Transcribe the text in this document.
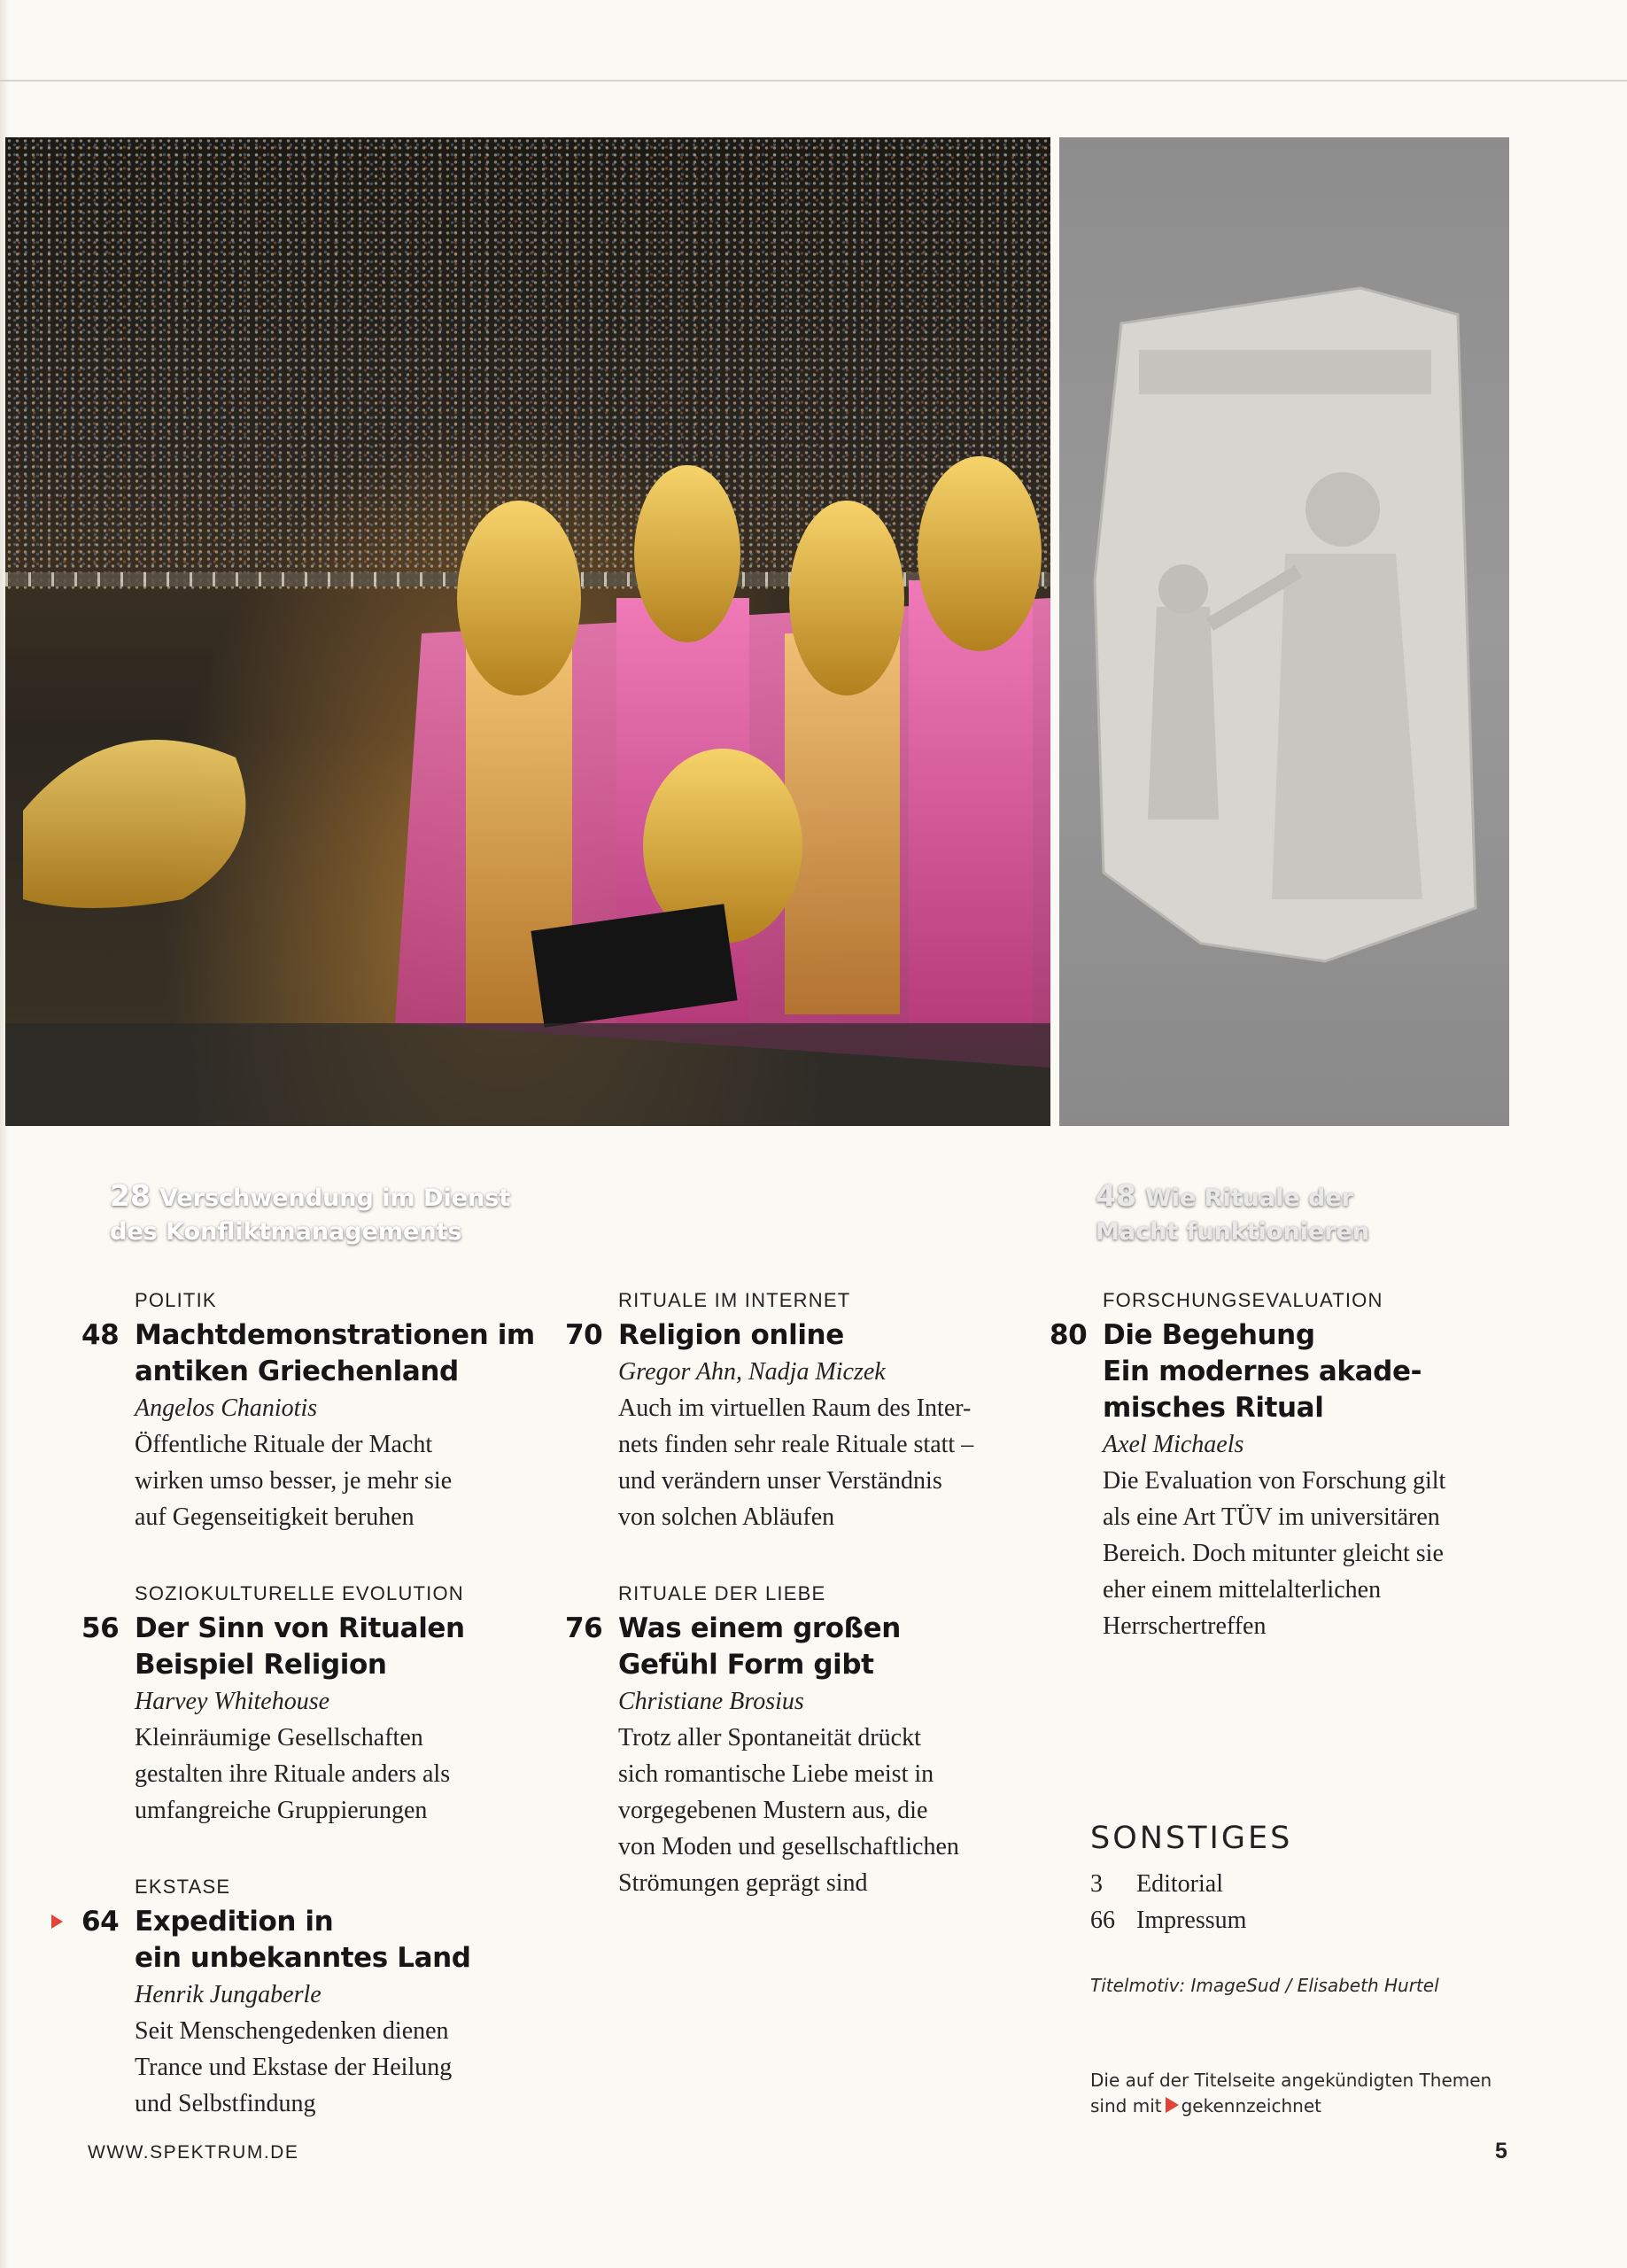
28 Verschwendung im Dienst
des Konfliktmanagements
48 Wie Rituale der
Macht funktionieren
POLITIK
48 Machtdemonstrationen im
antiken Griechenland
Angelos Chaniotis
Öffentliche Rituale der Macht
wirken umso besser, je mehr sie
auf Gegenseitigkeit beruhen
SOZIOKULTURELLE EVOLUTION
56 Der Sinn von Ritualen
Beispiel Religion
Harvey Whitehouse
Kleinräumige Gesellschaften
gestalten ihre Rituale anders als
umfangreiche Gruppierungen
EKSTASE
64 Expedition in
ein unbekanntes Land
Henrik Jungaberle
Seit Menschengedenken dienen
Trance und Ekstase der Heilung
und Selbstfindung
RITUALE IM INTERNET
70 Religion online
Gregor Ahn, Nadja Miczek
Auch im virtuellen Raum des Inter-
nets finden sehr reale Rituale statt –
und verändern unser Verständnis
von solchen Abläufen
RITUALE DER LIEBE
76 Was einem großen
Gefühl Form gibt
Christiane Brosius
Trotz aller Spontaneität drückt
sich romantische Liebe meist in
vorgegebenen Mustern aus, die
von Moden und gesellschaftlichen
Strömungen geprägt sind
FORSCHUNGSEVALUATION
80 Die Begehung
Ein modernes akade-
misches Ritual
Axel Michaels
Die Evaluation von Forschung gilt
als eine Art TÜV im universitären
Bereich. Doch mitunter gleicht sie
eher einem mittelalterlichen
Herrschertreffen
SONSTIGES
3 Editorial
66 Impressum
Titelmotiv: ImageSud / Elisabeth Hurtel
Die auf der Titelseite angekündigten Themen
sind mit gekennzeichnet
WWW.SPEKTRUM.DE	5
